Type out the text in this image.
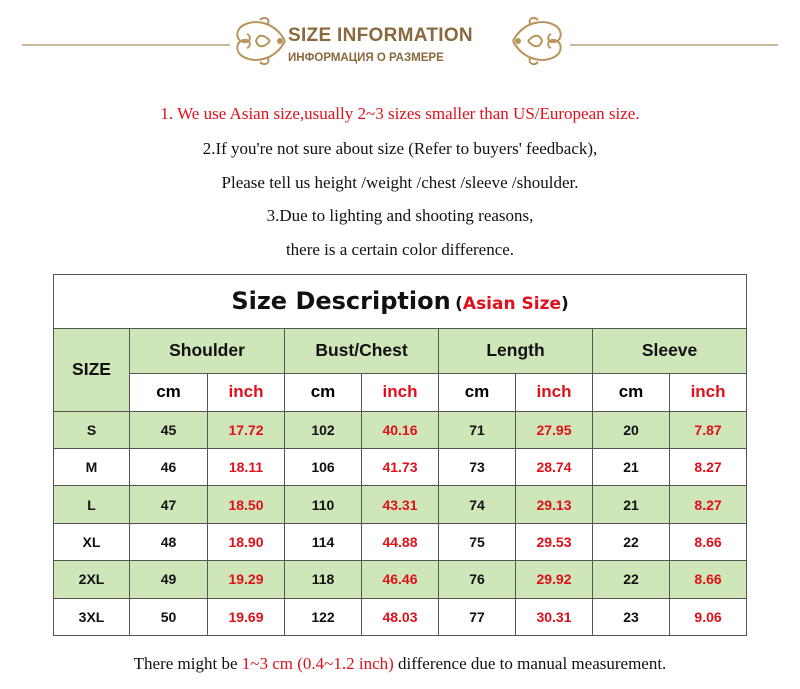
SIZE INFORMATION
ИНФОРМАЦИЯ О РАЗМЕРЕ
1. We use Asian size,usually 2~3 sizes smaller than US/European size.
2.If you're not sure about size (Refer to buyers' feedback),
Please tell us height /weight /chest /sleeve /shoulder.
3.Due to lighting and shooting reasons,
there is a certain color difference.
Size Description (Asian Size)								
SIZE	Shoulder		Bust/Chest		Length		Sleeve	
	cm	inch	cm	inch	cm	inch	cm	inch
S	45	17.72	102	40.16	71	27.95	20	7.87
M	46	18.11	106	41.73	73	28.74	21	8.27
L	47	18.50	110	43.31	74	29.13	21	8.27
XL	48	18.90	114	44.88	75	29.53	22	8.66
2XL	49	19.29	118	46.46	76	29.92	22	8.66
3XL	50	19.69	122	48.03	77	30.31	23	9.06
There might be 1~3 cm (0.4~1.2 inch) difference due to manual measurement.
